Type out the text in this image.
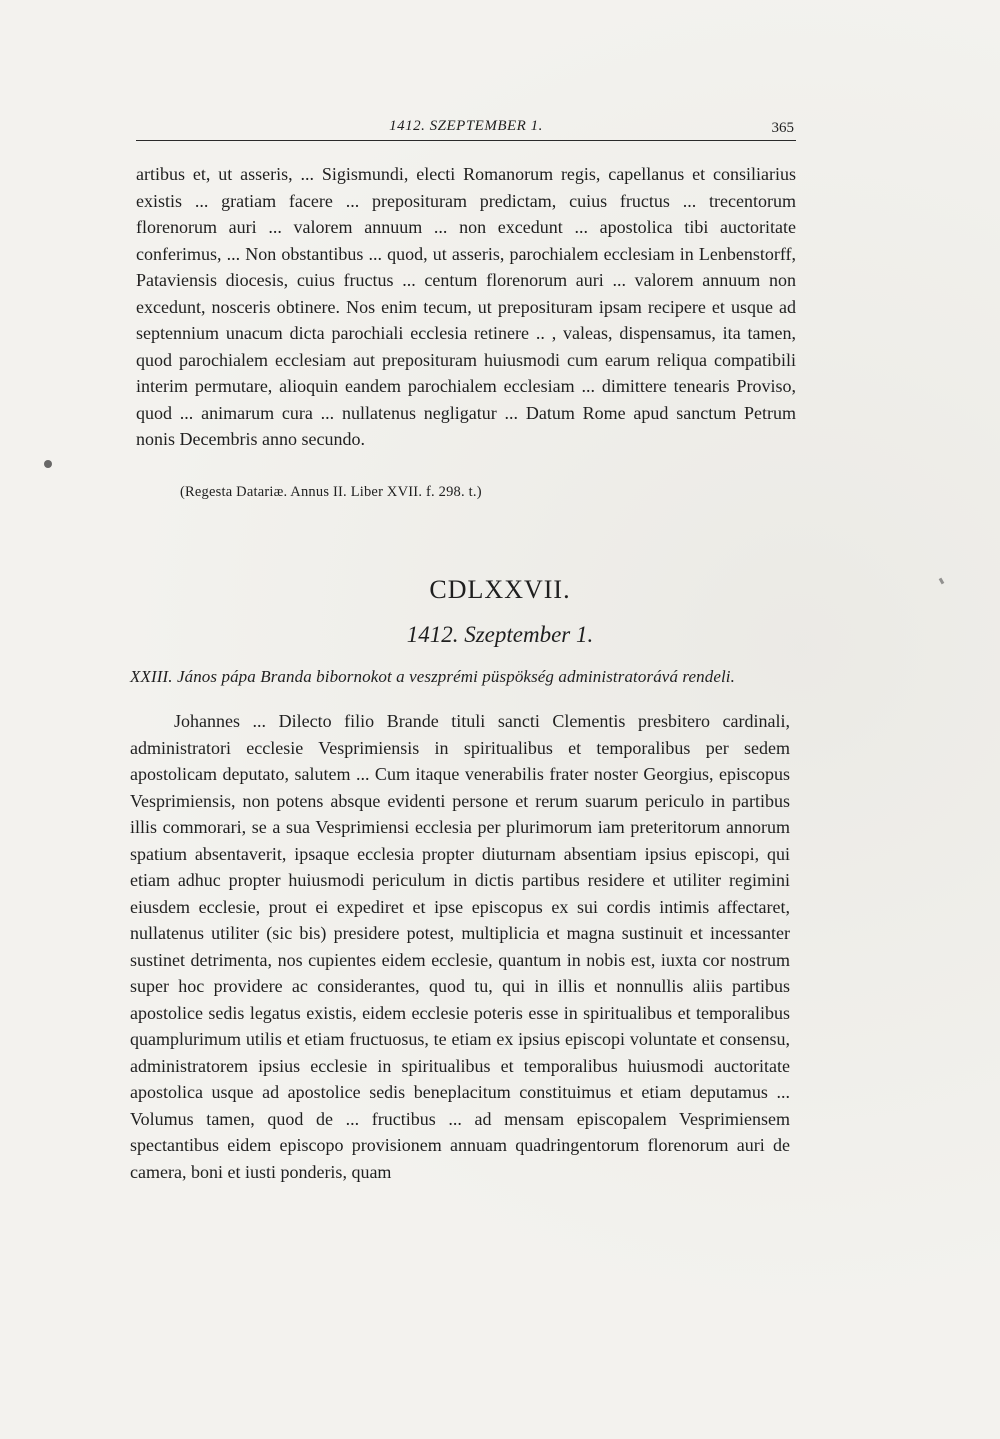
1412. SZEPTEMBER 1.	365

artibus et, ut asseris, ... Sigismundi, electi Romanorum regis, capellanus et consiliarius existis ... gratiam facere ... preposituram predictam, cuius fructus ... trecentorum florenorum auri ... valorem annuum ... non excedunt ... apostolica tibi auctoritate conferimus, ... Non obstantibus ... quod, ut asseris, parochialem ecclesiam in Lenbenstorff, Pataviensis diocesis, cuius fructus ... centum florenorum auri ... valorem annuum non excedunt, nosceris obtinere. Nos enim tecum, ut preposituram ipsam recipere et usque ad septennium unacum dicta parochiali ecclesia retinere .. , valeas, dispensamus, ita tamen, quod parochialem ecclesiam aut preposituram huiusmodi cum earum reliqua compatibili interim permutare, alioquin eandem parochialem ecclesiam ... dimittere tenearis Proviso, quod ... animarum cura ... nullatenus negligatur ... Datum Rome apud sanctum Petrum nonis Decembris anno secundo.

(Regesta Datariæ. Annus II. Liber XVII. f. 298. t.)
CDLXXVII.
1412. Szeptember 1.
XXIII. János pápa Branda bibornokot a veszprémi püspökség administratorává rendeli.

Johannes ... Dilecto filio Brande tituli sancti Clementis presbitero cardinali, administratori ecclesie Vesprimiensis in spiritualibus et temporalibus per sedem apostolicam deputato, salutem ... Cum itaque venerabilis frater noster Georgius, episcopus Vesprimiensis, non potens absque evidenti persone et rerum suarum periculo in partibus illis commorari, se a sua Vesprimiensi ecclesia per plurimorum iam preteritorum annorum spatium absentaverit, ipsaque ecclesia propter diuturnam absentiam ipsius episcopi, qui etiam adhuc propter huiusmodi periculum in dictis partibus residere et utiliter regimini eiusdem ecclesie, prout ei expediret et ipse episcopus ex sui cordis intimis affectaret, nullatenus utiliter (sic bis) presidere potest, multiplicia et magna sustinuit et incessanter sustinet detrimenta, nos cupientes eidem ecclesie, quantum in nobis est, iuxta cor nostrum super hoc providere ac considerantes, quod tu, qui in illis et nonnullis aliis partibus apostolice sedis legatus existis, eidem ecclesie poteris esse in spiritualibus et temporalibus quamplurimum utilis et etiam fructuosus, te etiam ex ipsius episcopi voluntate et consensu, administratorem ipsius ecclesie in spiritualibus et temporalibus huiusmodi auctoritate apostolica usque ad apostolice sedis beneplacitum constituimus et etiam deputamus ... Volumus tamen, quod de ... fructibus ... ad mensam episcopalem Vesprimiensem spectantibus eidem episcopo provisionem annuam quadringentorum florenorum auri de camera, boni et iusti ponderis, quam
